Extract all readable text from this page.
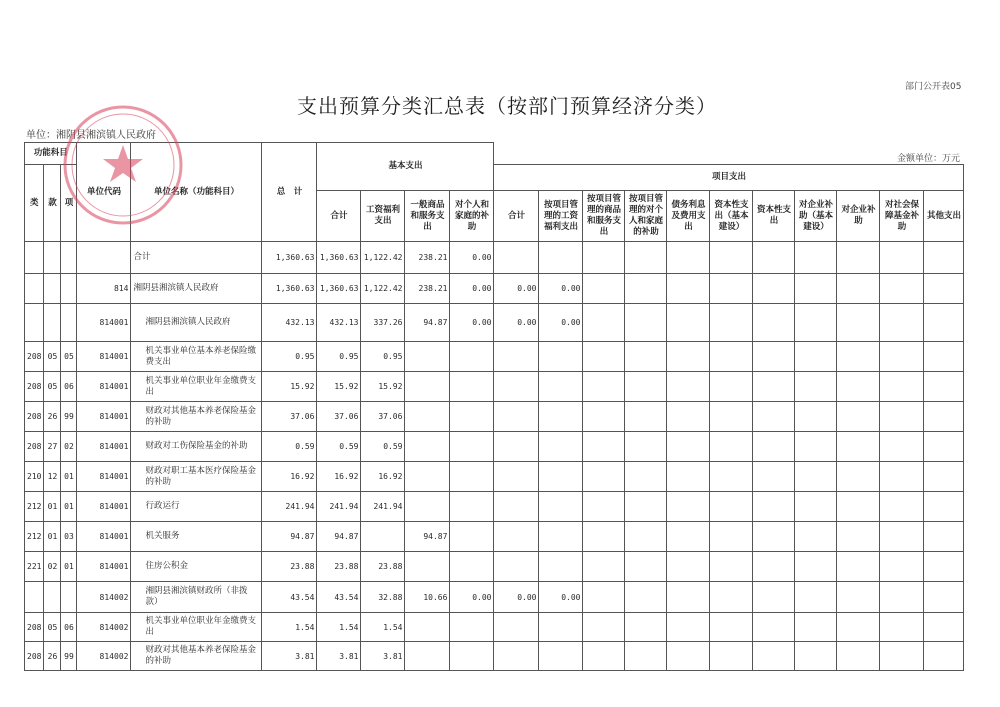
部门公开表05
支出预算分类汇总表（按部门预算经济分类）
单位：湘阴县湘滨镇人民政府
金额单位：万元
功能科目			单位代码	单位名称（功能科目）	总　计	基本支出														
类	款	项								项目支出										
						合计	工资福利支出	一般商品和服务支出	对个人和家庭的补助	合计	按项目管理的工资福利支出	按项目管理的商品和服务支出	按项目管理的对个人和家庭的补助	债务利息及费用支出	资本性支出（基本建设）	资本性支出	对企业补助（基本建设）	对企业补助	对社会保障基金补助	其他支出
				合计	1,360.63	1,360.63	1,122.42	238.21	0.00											
			814	湘阴县湘滨镇人民政府	1,360.63	1,360.63	1,122.42	238.21	0.00	0.00	0.00									
			814001	湘阴县湘滨镇人民政府	432.13	432.13	337.26	94.87	0.00	0.00	0.00									
208	05	05	814001	机关事业单位基本养老保险缴费支出	0.95	0.95	0.95													
208	05	06	814001	机关事业单位职业年金缴费支出	15.92	15.92	15.92													
208	26	99	814001	财政对其他基本养老保险基金的补助	37.06	37.06	37.06													
208	27	02	814001	财政对工伤保险基金的补助	0.59	0.59	0.59													
210	12	01	814001	财政对职工基本医疗保险基金的补助	16.92	16.92	16.92													
212	01	01	814001	行政运行	241.94	241.94	241.94													
212	01	03	814001	机关服务	94.87	94.87		94.87												
221	02	01	814001	住房公积金	23.88	23.88	23.88													
			814002	湘阴县湘滨镇财政所（非拨款）	43.54	43.54	32.88	10.66	0.00	0.00	0.00									
208	05	06	814002	机关事业单位职业年金缴费支出	1.54	1.54	1.54													
208	26	99	814002	财政对其他基本养老保险基金的补助	3.81	3.81	3.81													
